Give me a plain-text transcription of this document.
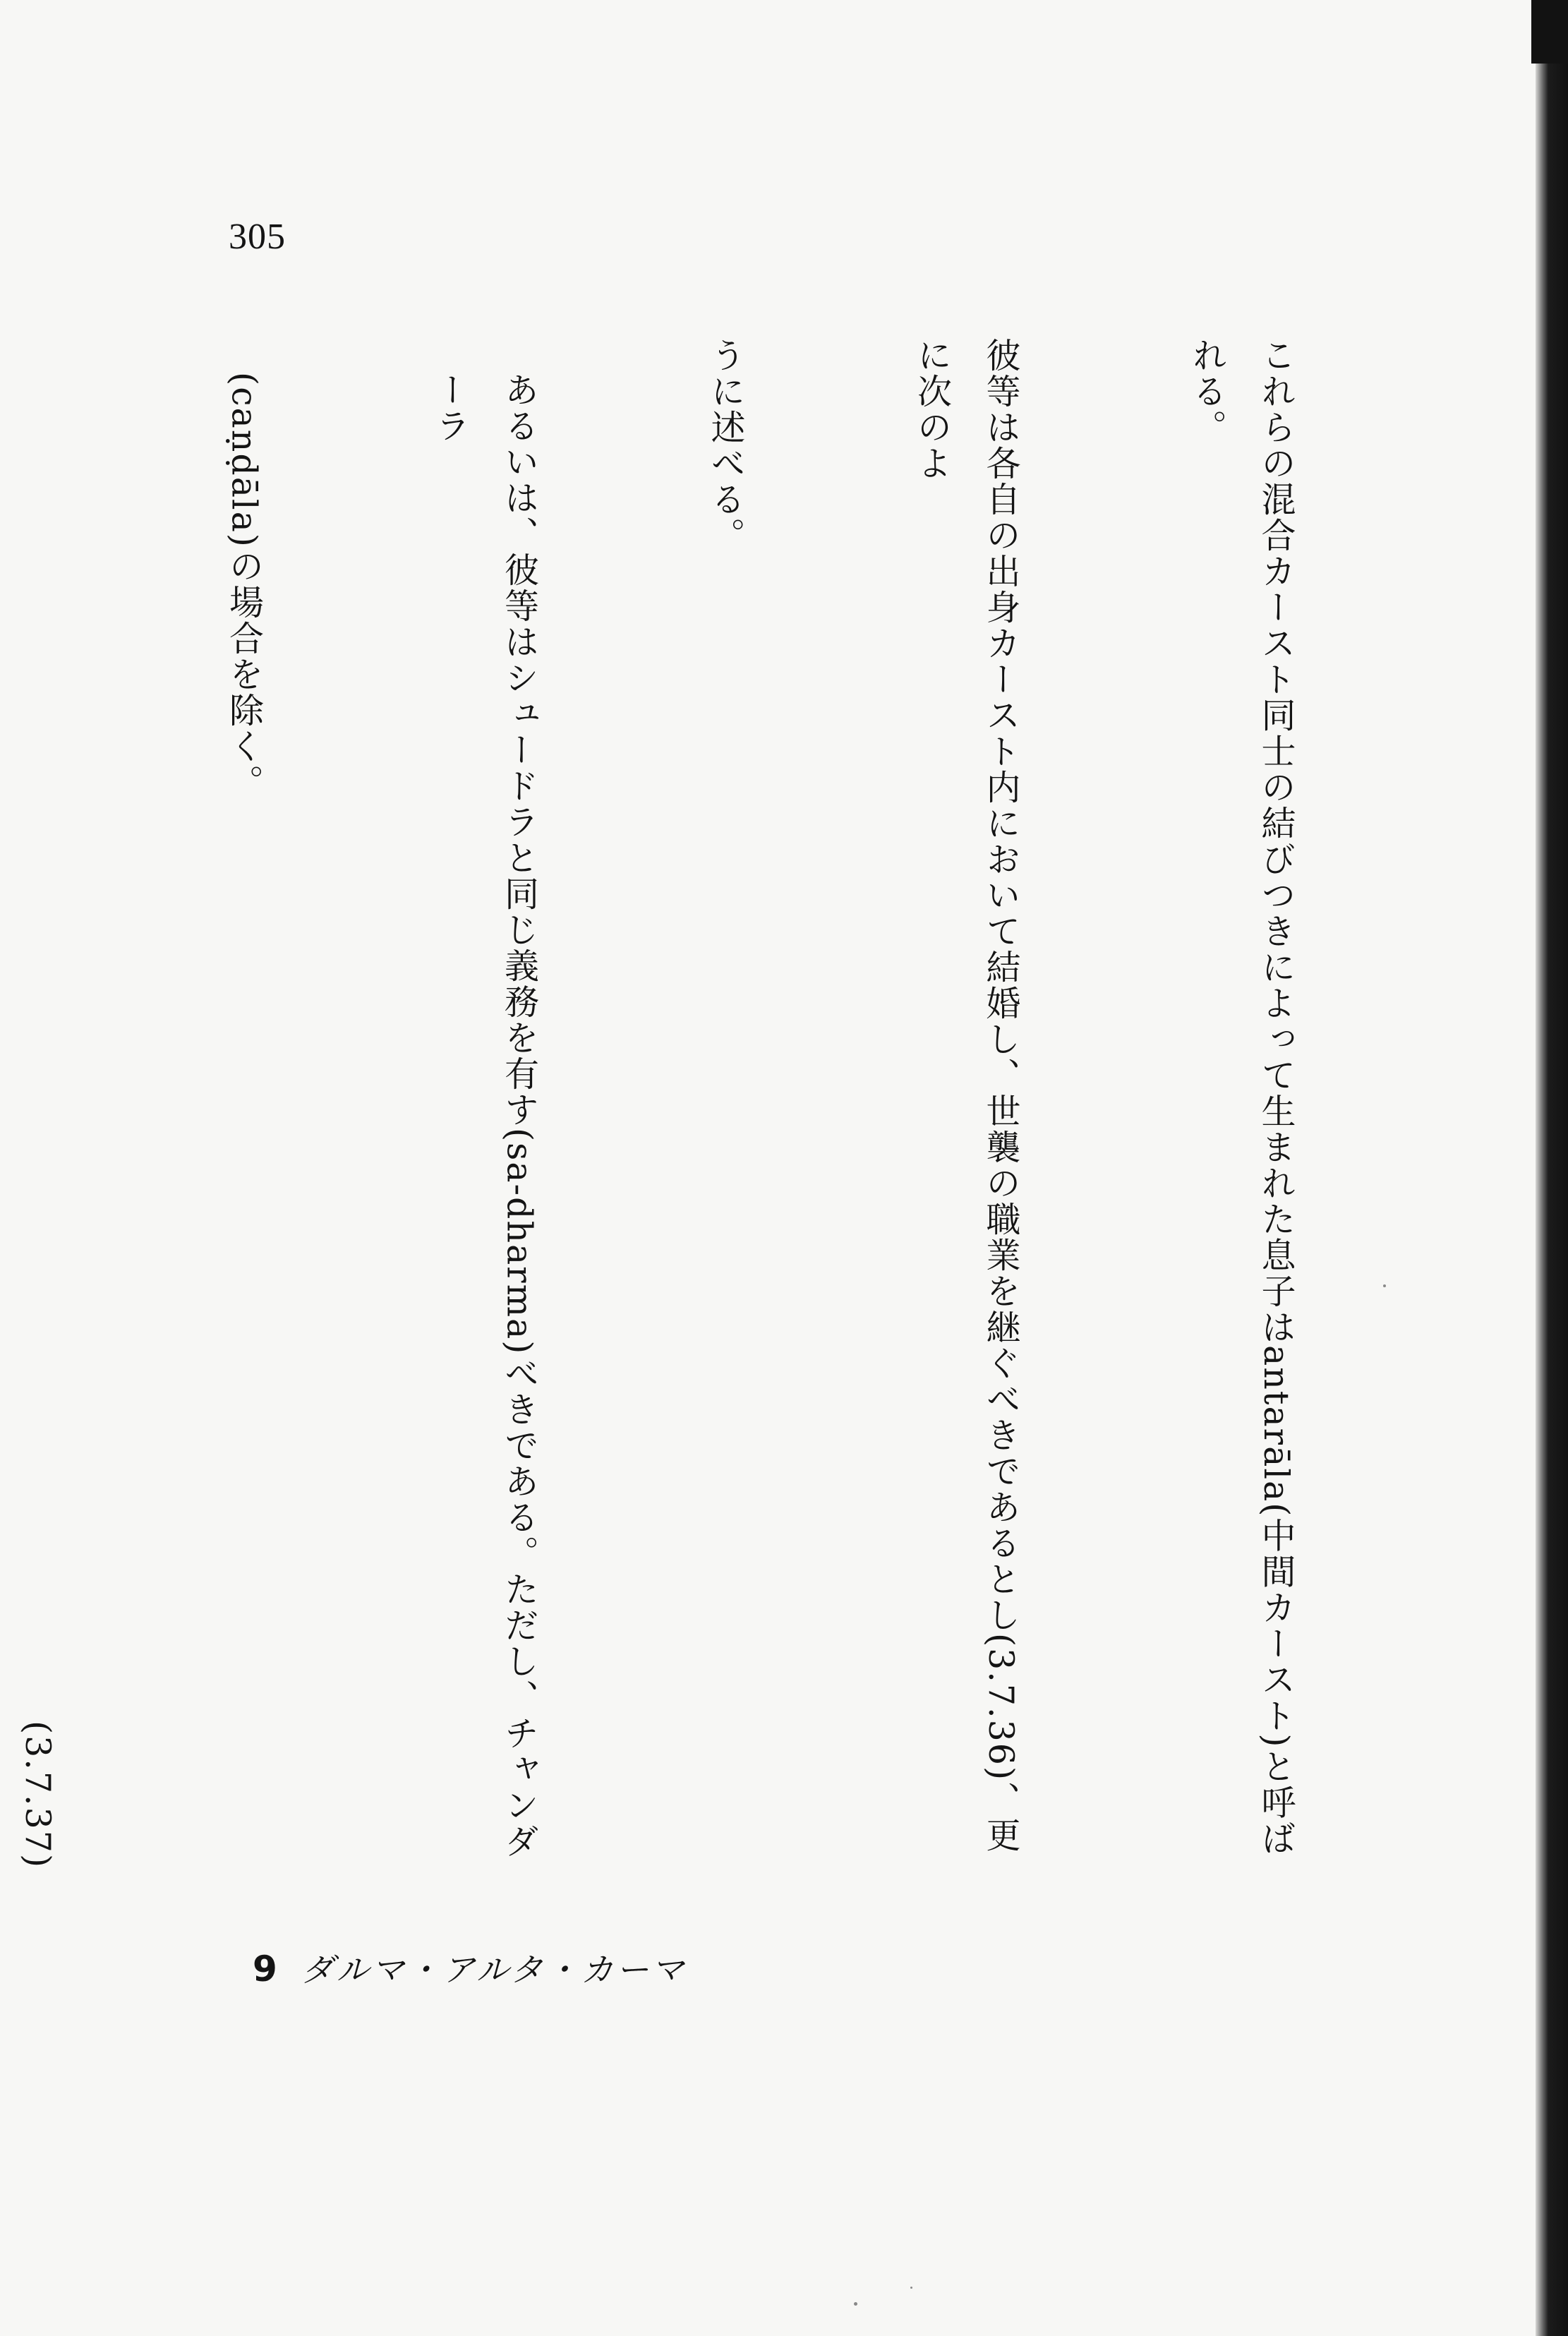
305

これらの混合カースト同士の結びつきによって生まれた息子はantarāla(中間カースト)と呼ばれる。

彼等は各自の出身カースト内において結婚し、世襲の職業を継ぐべきであるとし(3.7.36)、更に次のよ

うに述べる。

あるいは、彼等はシュードラと同じ義務を有す(sa-dharma)べきである。ただし、チャンダーラ

(caṇḍāla)の場合を除く。

(3.7.37)

9 ダルマ・アルタ・カーマ
